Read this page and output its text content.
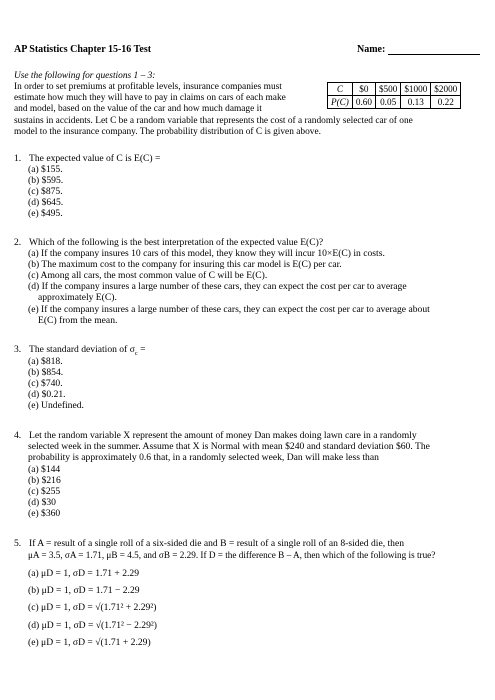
AP Statistics Chapter 15-16 Test	Name:
Use the following for questions 1 – 3:
In order to set premiums at profitable levels, insurance companies must
estimate how much they will have to pay in claims on cars of each make
and model, based on the value of the car and how much damage it
sustains in accidents. Let C be a random variable that represents the cost of a randomly selected car of one
model to the insurance company. The probability distribution of C is given above.
C	$0	$500	$1000	$2000
P(C)	0.60	0.05	0.13	0.22
1. The expected value of C is E(C) =
(a) $155.
(b) $595.
(c) $875.
(d) $645.
(e) $495.
2. Which of the following is the best interpretation of the expected value E(C)?
(a) If the company insures 10 cars of this model, they know they will incur 10×E(C) in costs.
(b) The maximum cost to the company for insuring this car model is E(C) per car.
(c) Among all cars, the most common value of C will be E(C).
(d) If the company insures a large number of these cars, they can expect the cost per car to average
approximately E(C).
(e) If the company insures a large number of these cars, they can expect the cost per car to average about
E(C) from the mean.
3. The standard deviation of $\sigma_c$ =
(a) $818.
(b) $854.
(c) $740.
(d) $0.21.
(e) Undefined.
4. Let the random variable X represent the amount of money Dan makes doing lawn care in a randomly
selected week in the summer. Assume that X is Normal with mean $240 and standard deviation $60. The
probability is approximately 0.6 that, in a randomly selected week, Dan will make less than
(a) $144
(b) $216
(c) $255
(d) $30
(e) $360
5. If A = result of a single roll of a six-sided die and B = result of a single roll of an 8-sided die, then
μA = 3.5, σA = 1.71, μB = 4.5, and σB = 2.29. If D = the difference B – A, then which of the following is true?
(a) μD = 1, σD = 1.71 + 2.29
(b) μD = 1, σD = 1.71 − 2.29
(c) μD = 1, σD = √(1.71² + 2.29²)
(d) μD = 1, σD = √(1.71² − 2.29²)
(e) μD = 1, σD = √(1.71 + 2.29)
